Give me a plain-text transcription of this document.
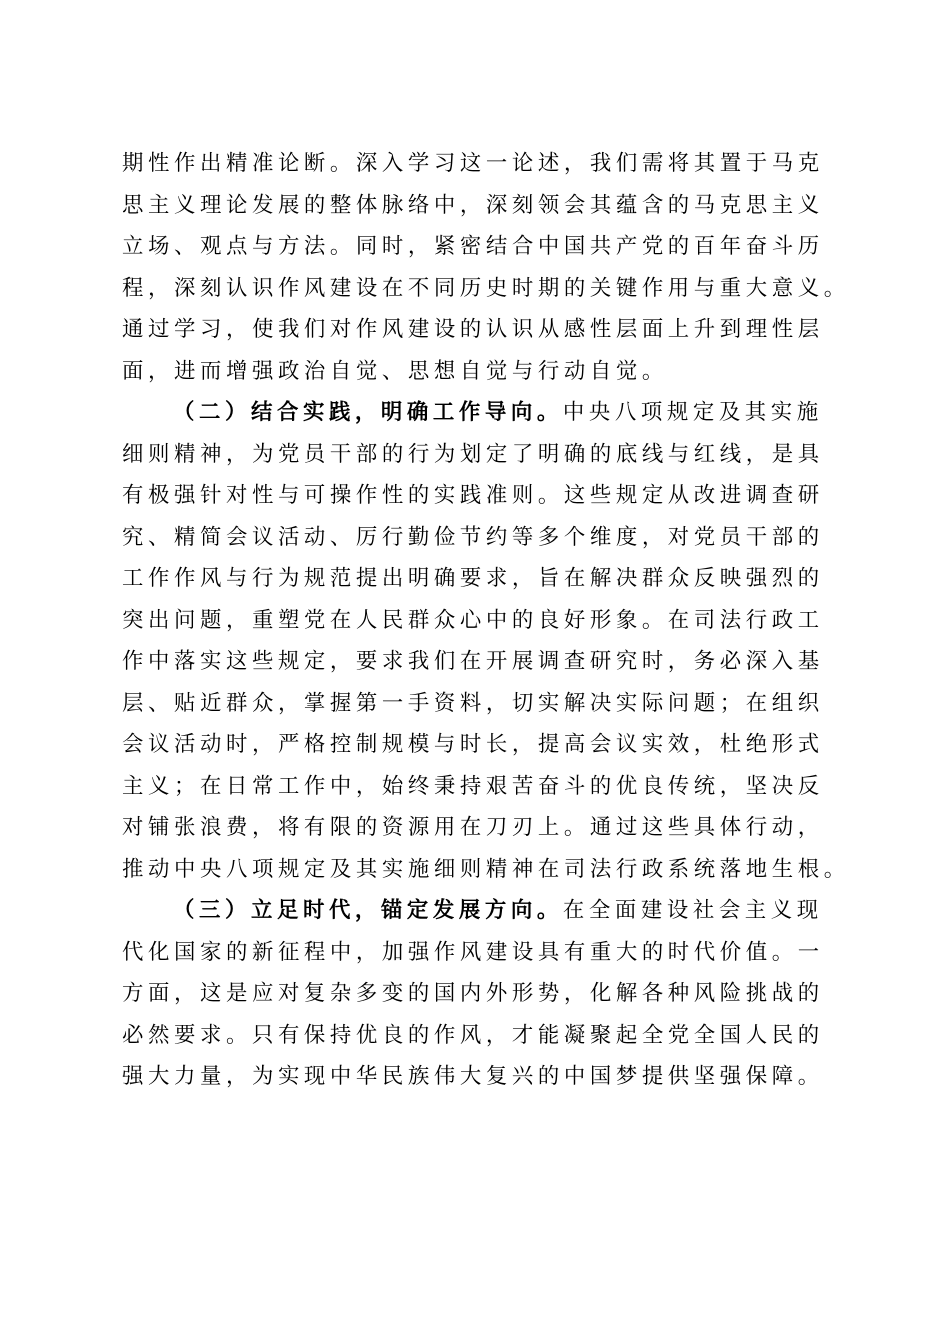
期性作出精准论断。深入学习这一论述，我们需将其置于马克
思主义理论发展的整体脉络中，深刻领会其蕴含的马克思主义
立场、观点与方法。同时，紧密结合中国共产党的百年奋斗历
程，深刻认识作风建设在不同历史时期的关键作用与重大意义。
通过学习，使我们对作风建设的认识从感性层面上升到理性层
面，进而增强政治自觉、思想自觉与行动自觉。
（二）结合实践，明确工作导向。中央八项规定及其实施
细则精神，为党员干部的行为划定了明确的底线与红线，是具
有极强针对性与可操作性的实践准则。这些规定从改进调查研
究、精简会议活动、厉行勤俭节约等多个维度，对党员干部的
工作作风与行为规范提出明确要求，旨在解决群众反映强烈的
突出问题，重塑党在人民群众心中的良好形象。在司法行政工
作中落实这些规定，要求我们在开展调查研究时，务必深入基
层、贴近群众，掌握第一手资料，切实解决实际问题；在组织
会议活动时，严格控制规模与时长，提高会议实效，杜绝形式
主义；在日常工作中，始终秉持艰苦奋斗的优良传统，坚决反
对铺张浪费，将有限的资源用在刀刃上。通过这些具体行动，
推动中央八项规定及其实施细则精神在司法行政系统落地生根。
（三）立足时代，锚定发展方向。在全面建设社会主义现
代化国家的新征程中，加强作风建设具有重大的时代价值。一
方面，这是应对复杂多变的国内外形势，化解各种风险挑战的
必然要求。只有保持优良的作风，才能凝聚起全党全国人民的
强大力量，为实现中华民族伟大复兴的中国梦提供坚强保障。
